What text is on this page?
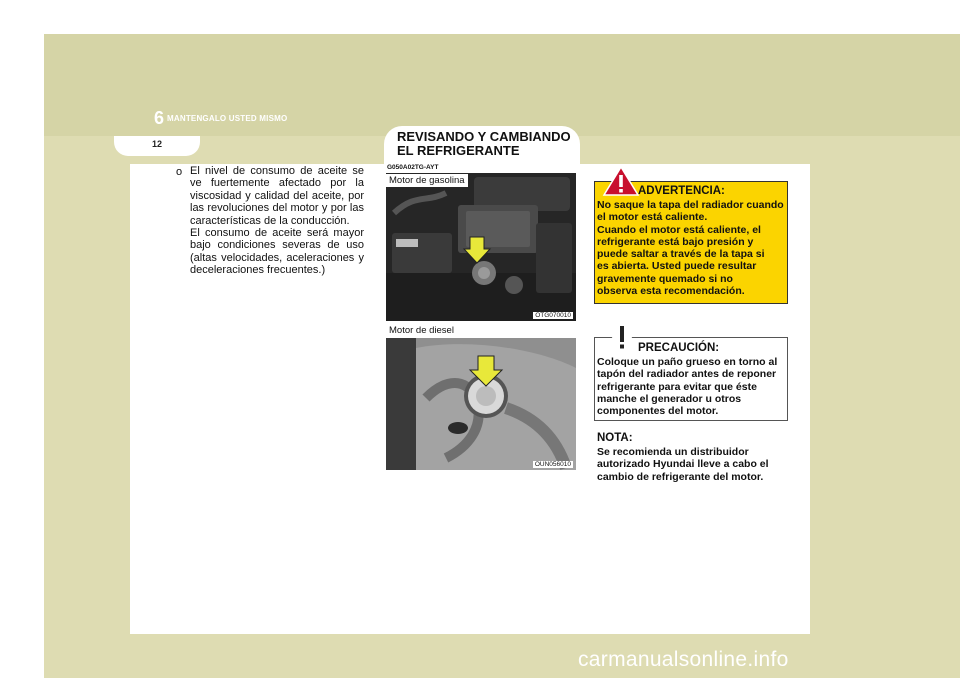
6 MANTENGALO USTED MISMO
12	REVISANDO Y CAMBIANDO
EL REFRIGERANTE
o El nivel de consumo de aceite se ve fuertemente afectado por la viscosidad y calidad del aceite, por las revoluciones del motor y por las características de la conducción.

El consumo de aceite será mayor bajo condiciones severas de uso (altas velocidades, aceleraciones y deceleraciones frecuentes.)

G050A02TG-AYT
Motor de gasolina
OTG070010
Motor de diesel
OUN056010
ADVERTENCIA:
No saque la tapa del radiador cuando
el motor está caliente.
Cuando el motor está caliente, el
refrigerante está bajo presión y
puede saltar a través de la tapa si
es abierta. Usted puede resultar
gravemente quemado si no
observa esta recomendación.
PRECAUCIÓN:
Coloque un paño grueso en torno al
tapón del radiador antes de reponer
refrigerante para evitar que éste
manche el generador u otros
componentes del motor.
NOTA:
Se recomienda un distribuidor
autorizado Hyundai lleve a cabo el
cambio de refrigerante del motor.
carmanualsonline.info
